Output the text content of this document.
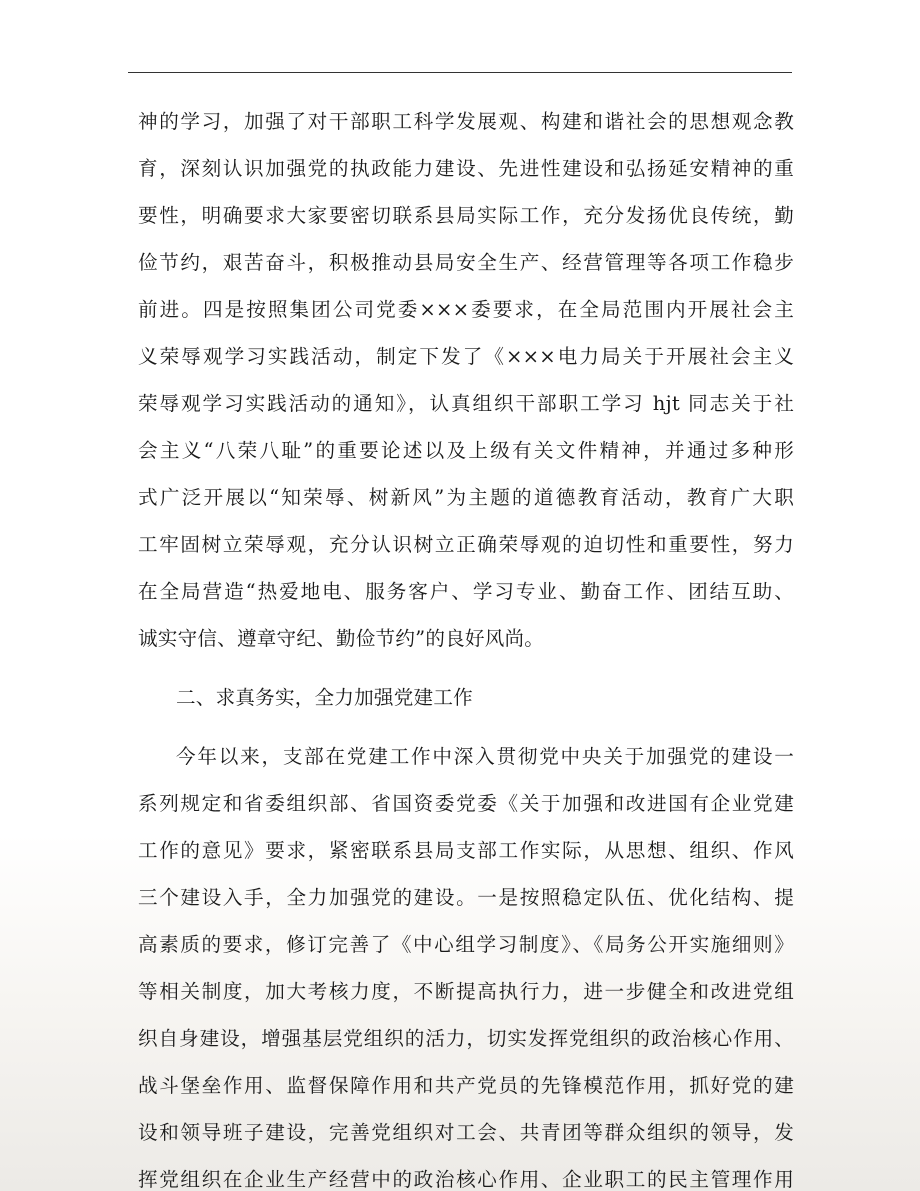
神的学习，加强了对干部职工科学发展观、构建和谐社会的思想观念教
育，深刻认识加强党的执政能力建设、先进性建设和弘扬延安精神的重
要性，明确要求大家要密切联系县局实际工作，充分发扬优良传统，勤
俭节约，艰苦奋斗，积极推动县局安全生产、经营管理等各项工作稳步
前进。四是按照集团公司党委×××委要求，在全局范围内开展社会主
义荣辱观学习实践活动，制定下发了《×××电力局关于开展社会主义
荣辱观学习实践活动的通知》，认真组织干部职工学习 hjt 同志关于社
会主义“八荣八耻”的重要论述以及上级有关文件精神，并通过多种形
式广泛开展以“知荣辱、树新风”为主题的道德教育活动，教育广大职
工牢固树立荣辱观，充分认识树立正确荣辱观的迫切性和重要性，努力
在全局营造“热爱地电、服务客户、学习专业、勤奋工作、团结互助、
诚实守信、遵章守纪、勤俭节约”的良好风尚。
二、求真务实，全力加强党建工作
今年以来，支部在党建工作中深入贯彻党中央关于加强党的建设一
系列规定和省委组织部、省国资委党委《关于加强和改进国有企业党建
工作的意见》要求，紧密联系县局支部工作实际，从思想、组织、作风
三个建设入手，全力加强党的建设。一是按照稳定队伍、优化结构、提
高素质的要求，修订完善了《中心组学习制度》、《局务公开实施细则》
等相关制度，加大考核力度，不断提高执行力，进一步健全和改进党组
织自身建设，增强基层党组织的活力，切实发挥党组织的政治核心作用、
战斗堡垒作用、监督保障作用和共产党员的先锋模范作用，抓好党的建
设和领导班子建设，完善党组织对工会、共青团等群众组织的领导，发
挥党组织在企业生产经营中的政治核心作用、企业职工的民主管理作用
